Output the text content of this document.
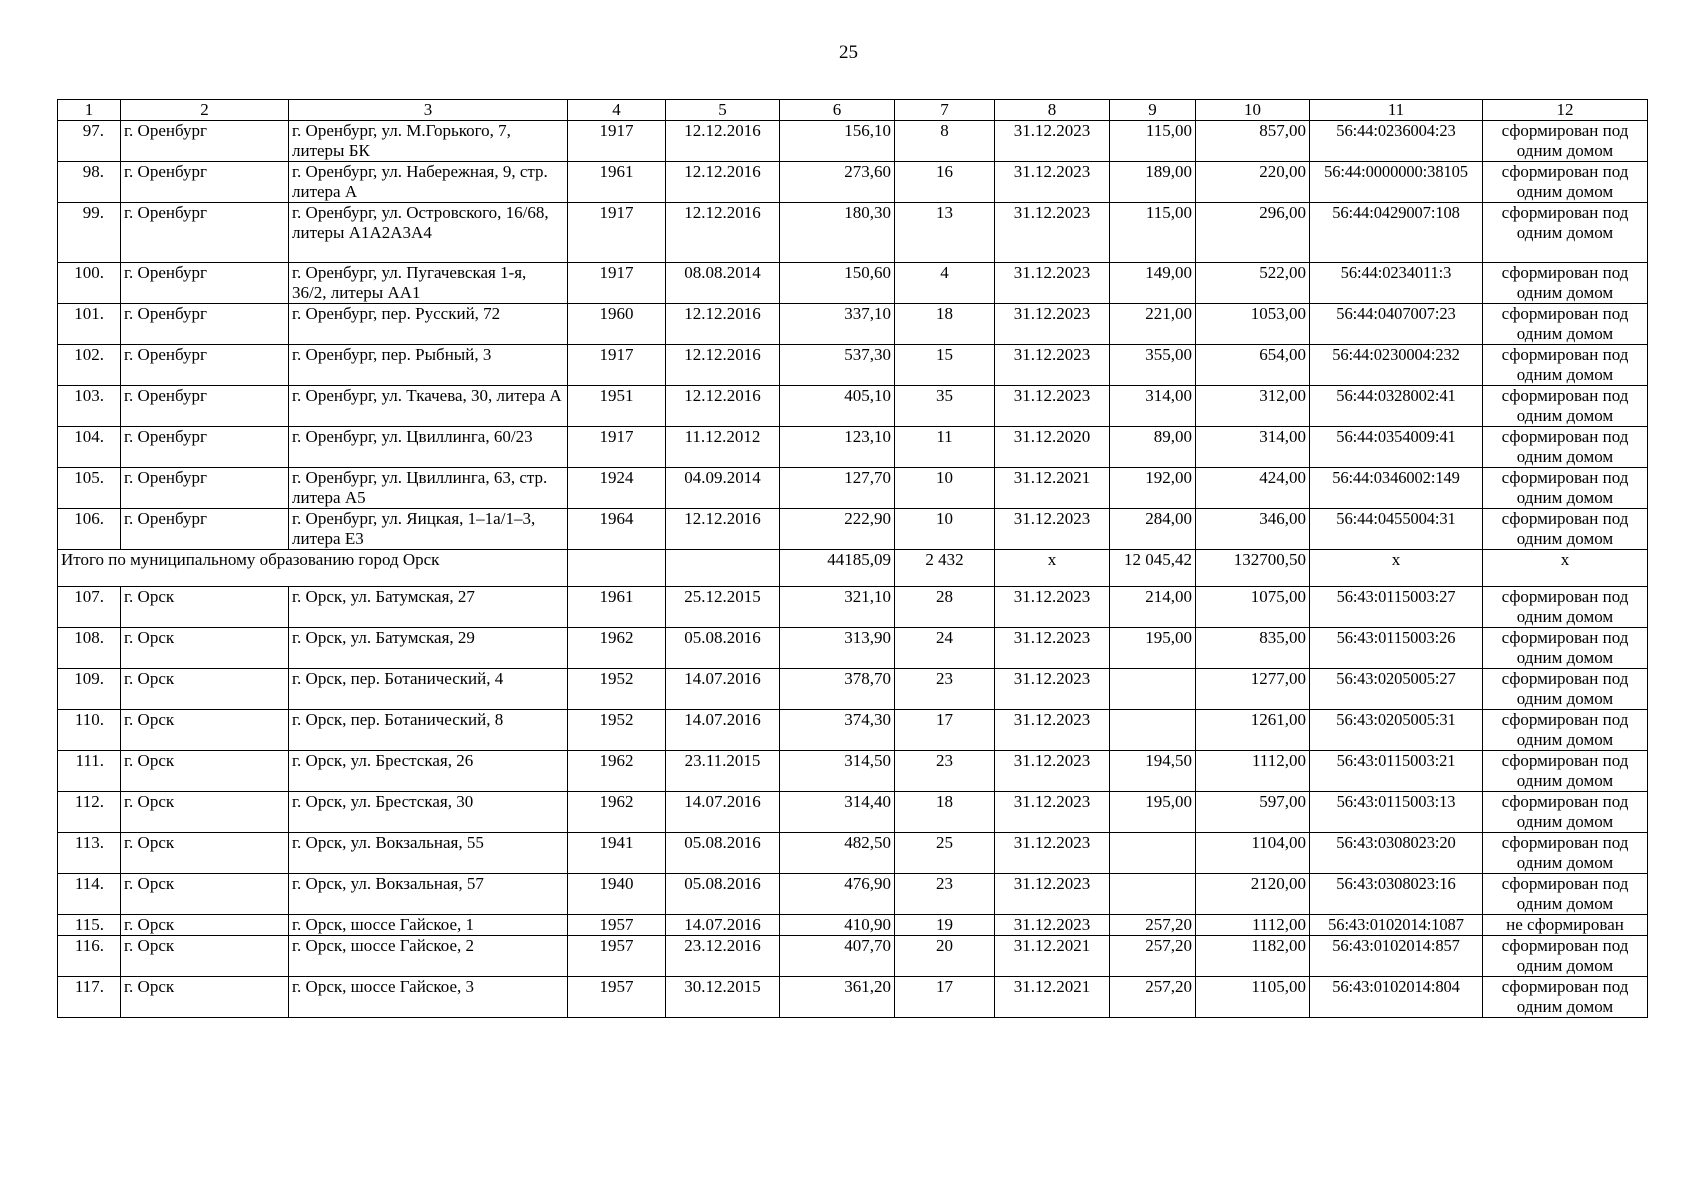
25
1	2	3	4	5	6	7	8	9	10	11	12
97.	г. Оренбург	г. Оренбург, ул. М.Горького, 7, литеры БК	1917	12.12.2016	156,10	8	31.12.2023	115,00	857,00	56:44:0236004:23	сформирован под одним домом
98.	г. Оренбург	г. Оренбург, ул. Набережная, 9, стр. литера А	1961	12.12.2016	273,60	16	31.12.2023	189,00	220,00	56:44:0000000:38105	сформирован под одним домом
99.	г. Оренбург	г. Оренбург, ул. Островского, 16/68, литеры А1А2А3А4	1917	12.12.2016	180,30	13	31.12.2023	115,00	296,00	56:44:0429007:108	сформирован под одним домом
100.	г. Оренбург	г. Оренбург, ул. Пугачевская 1-я, 36/2, литеры АА1	1917	08.08.2014	150,60	4	31.12.2023	149,00	522,00	56:44:0234011:3	сформирован под одним домом
101.	г. Оренбург	г. Оренбург, пер. Русский, 72	1960	12.12.2016	337,10	18	31.12.2023	221,00	1053,00	56:44:0407007:23	сформирован под одним домом
102.	г. Оренбург	г. Оренбург, пер. Рыбный, 3	1917	12.12.2016	537,30	15	31.12.2023	355,00	654,00	56:44:0230004:232	сформирован под одним домом
103.	г. Оренбург	г. Оренбург, ул. Ткачева, 30, литера А	1951	12.12.2016	405,10	35	31.12.2023	314,00	312,00	56:44:0328002:41	сформирован под одним домом
104.	г. Оренбург	г. Оренбург, ул. Цвиллинга, 60/23	1917	11.12.2012	123,10	11	31.12.2020	89,00	314,00	56:44:0354009:41	сформирован под одним домом
105.	г. Оренбург	г. Оренбург, ул. Цвиллинга, 63, стр. литера А5	1924	04.09.2014	127,70	10	31.12.2021	192,00	424,00	56:44:0346002:149	сформирован под одним домом
106.	г. Оренбург	г. Оренбург, ул. Яицкая, 1–1а/1–3, литера Е3	1964	12.12.2016	222,90	10	31.12.2023	284,00	346,00	56:44:0455004:31	сформирован под одним домом
Итого по муниципальному образованию город Орск					44185,09	2 432	х	12 045,42	132700,50	х	х
107.	г. Орск	г. Орск, ул. Батумская, 27	1961	25.12.2015	321,10	28	31.12.2023	214,00	1075,00	56:43:0115003:27	сформирован под одним домом
108.	г. Орск	г. Орск, ул. Батумская, 29	1962	05.08.2016	313,90	24	31.12.2023	195,00	835,00	56:43:0115003:26	сформирован под одним домом
109.	г. Орск	г. Орск, пер. Ботанический, 4	1952	14.07.2016	378,70	23	31.12.2023		1277,00	56:43:0205005:27	сформирован под одним домом
110.	г. Орск	г. Орск, пер. Ботанический, 8	1952	14.07.2016	374,30	17	31.12.2023		1261,00	56:43:0205005:31	сформирован под одним домом
111.	г. Орск	г. Орск, ул. Брестская, 26	1962	23.11.2015	314,50	23	31.12.2023	194,50	1112,00	56:43:0115003:21	сформирован под одним домом
112.	г. Орск	г. Орск, ул. Брестская, 30	1962	14.07.2016	314,40	18	31.12.2023	195,00	597,00	56:43:0115003:13	сформирован под одним домом
113.	г. Орск	г. Орск, ул. Вокзальная, 55	1941	05.08.2016	482,50	25	31.12.2023		1104,00	56:43:0308023:20	сформирован под одним домом
114.	г. Орск	г. Орск, ул. Вокзальная, 57	1940	05.08.2016	476,90	23	31.12.2023		2120,00	56:43:0308023:16	сформирован под одним домом
115.	г. Орск	г. Орск, шоссе Гайское, 1	1957	14.07.2016	410,90	19	31.12.2023	257,20	1112,00	56:43:0102014:1087	не сформирован
116.	г. Орск	г. Орск, шоссе Гайское, 2	1957	23.12.2016	407,70	20	31.12.2021	257,20	1182,00	56:43:0102014:857	сформирован под одним домом
117.	г. Орск	г. Орск, шоссе Гайское, 3	1957	30.12.2015	361,20	17	31.12.2021	257,20	1105,00	56:43:0102014:804	сформирован под одним домом
